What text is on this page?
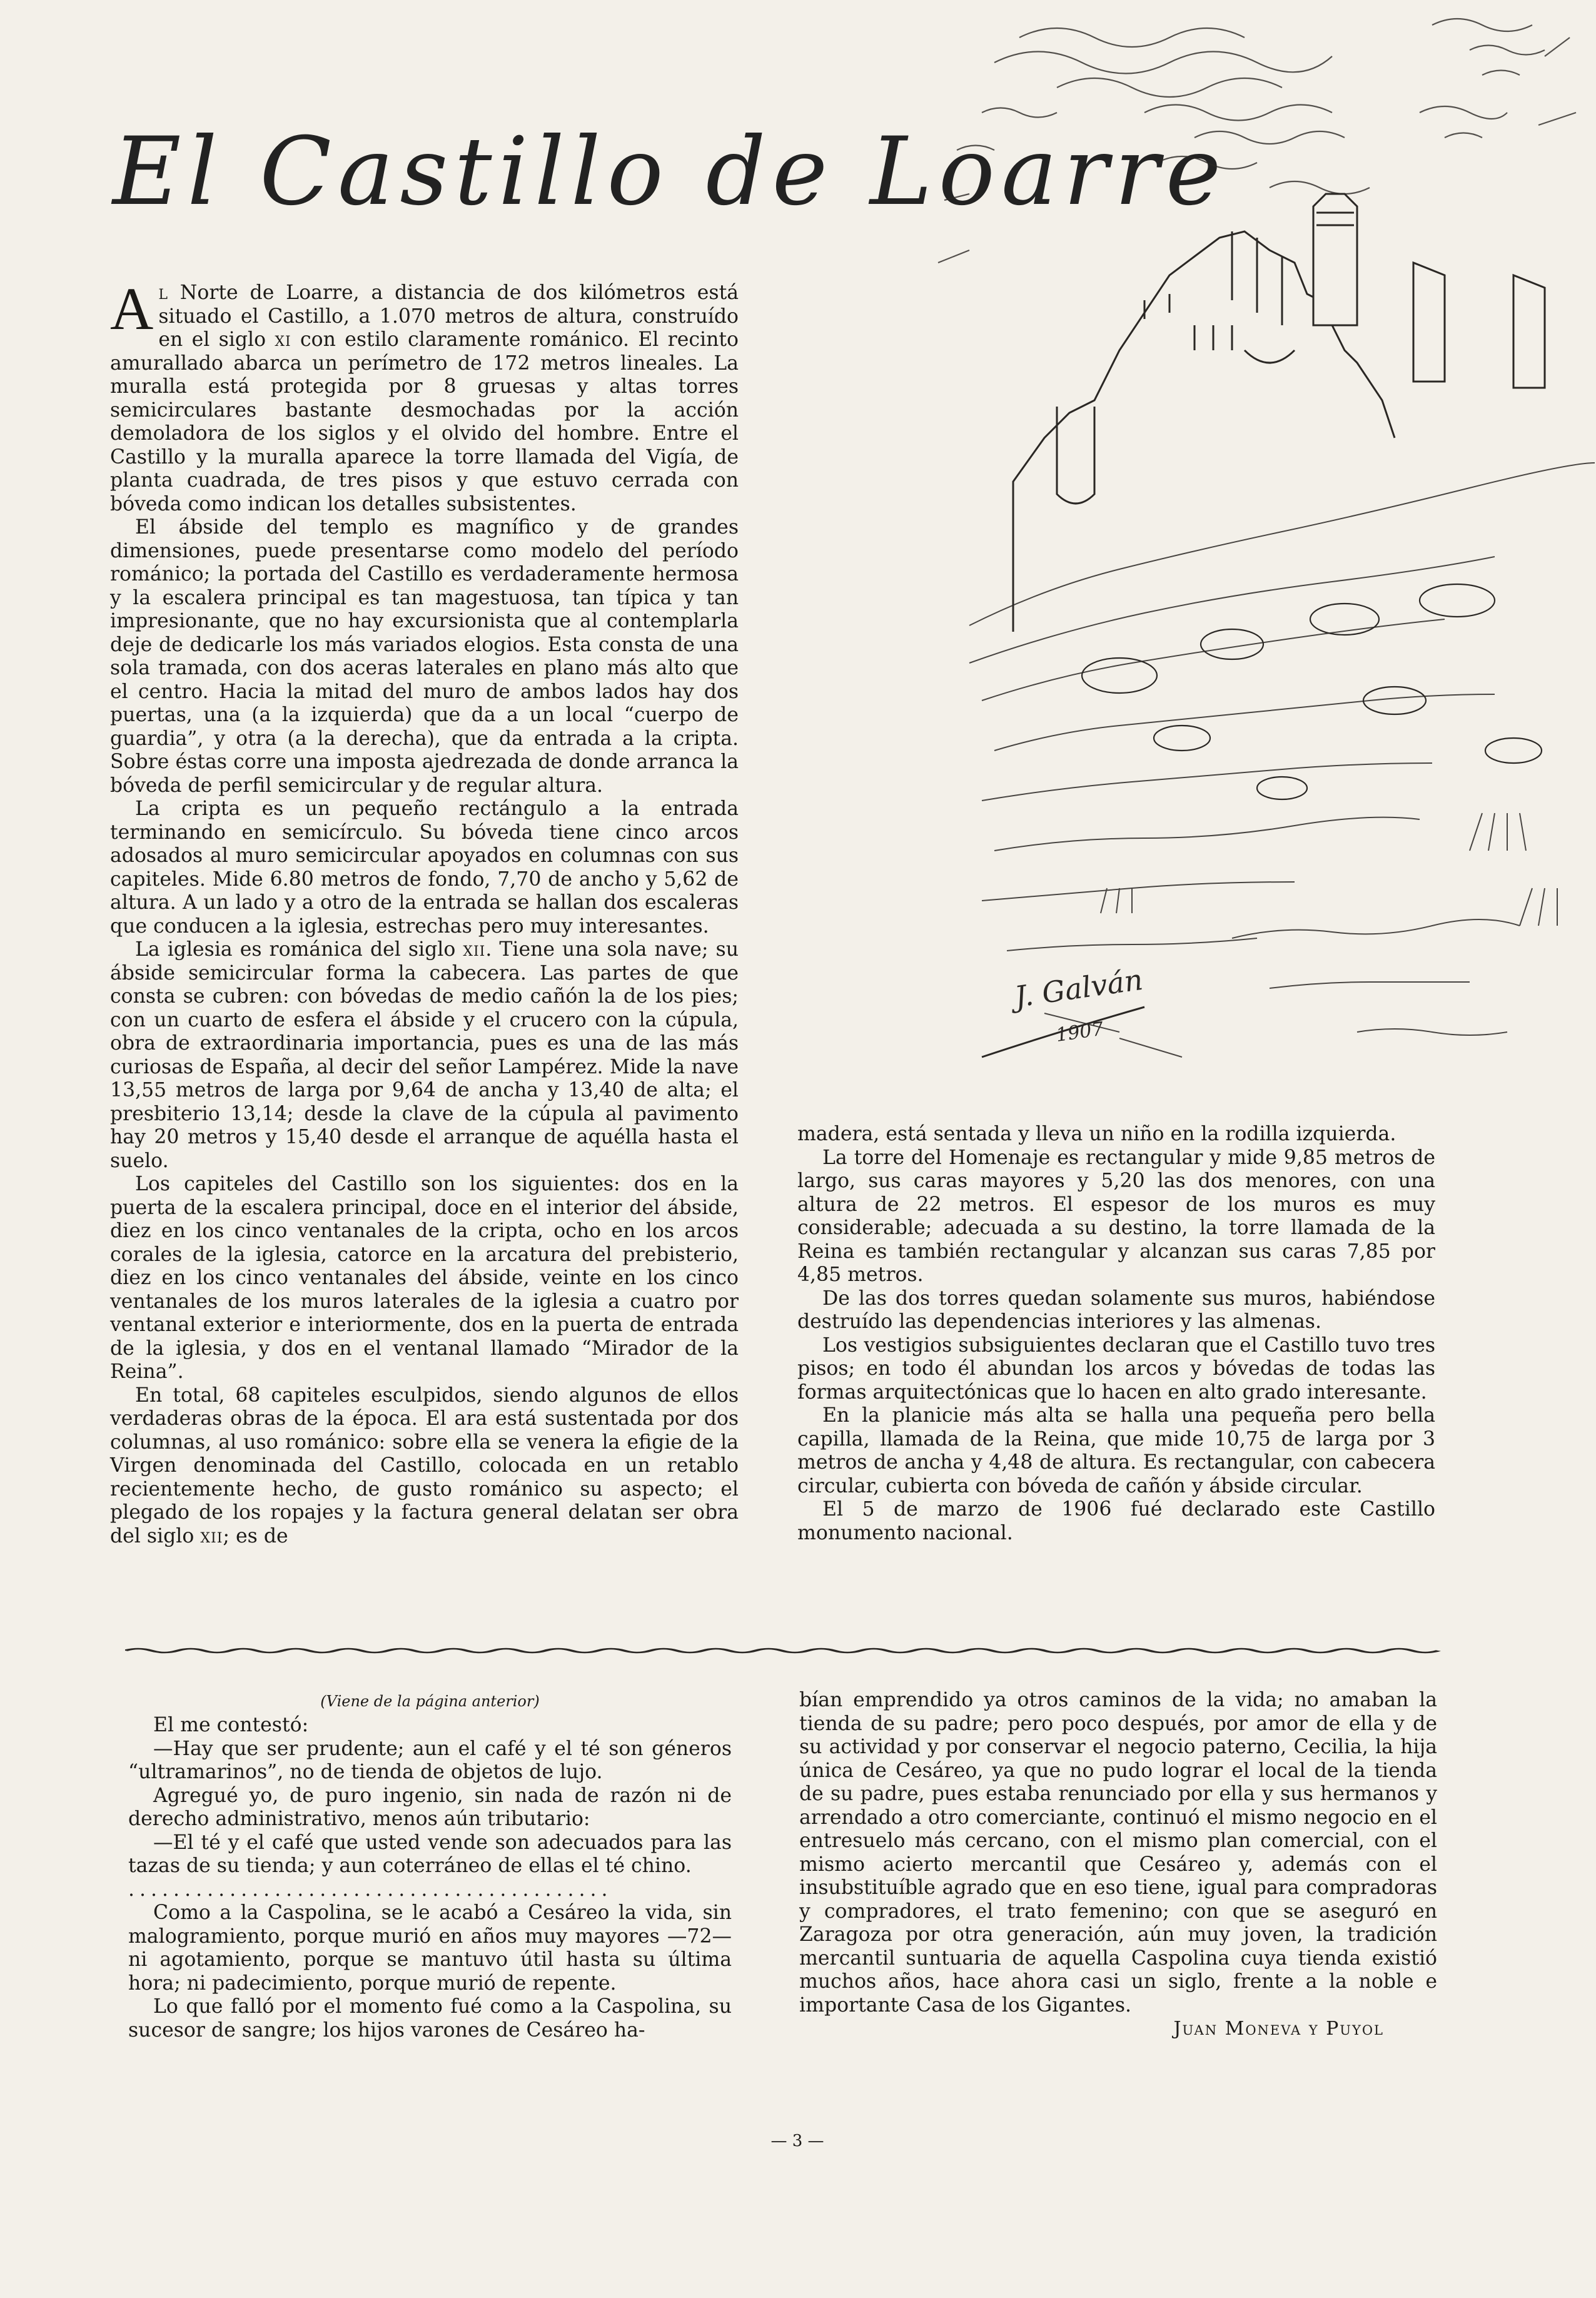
El Castillo de Loarre

Al Norte de Loarre, a distancia de dos kilómetros está situado el Castillo, a 1.070 metros de altura, construído en el siglo xi con estilo claramente románico. El recinto amurallado abarca un perímetro de 172 metros lineales. La muralla está protegida por 8 gruesas y altas torres semicirculares bastante desmochadas por la acción demoladora de los siglos y el olvido del hombre. Entre el Castillo y la muralla aparece la torre llamada del Vigía, de planta cuadrada, de tres pisos y que estuvo cerrada con bóveda como indican los detalles subsistentes.

El ábside del templo es magnífico y de grandes dimensiones, puede presentarse como modelo del período románico; la portada del Castillo es verdaderamente hermosa y la escalera principal es tan magestuosa, tan típica y tan impresionante, que no hay excursionista que al contemplarla deje de dedicarle los más variados elogios. Esta consta de una sola tramada, con dos aceras laterales en plano más alto que el centro. Hacia la mitad del muro de ambos lados hay dos puertas, una (a la izquierda) que da a un local “cuerpo de guardia”, y otra (a la derecha), que da entrada a la cripta. Sobre éstas corre una imposta ajedrezada de donde arranca la bóveda de perfil semicircular y de regular altura.

La cripta es un pequeño rectángulo a la entrada terminando en semicírculo. Su bóveda tiene cinco arcos adosados al muro semicircular apoyados en columnas con sus capiteles. Mide 6.80 metros de fondo, 7,70 de ancho y 5,62 de altura. A un lado y a otro de la entrada se hallan dos escaleras que conducen a la iglesia, estrechas pero muy interesantes.

La iglesia es románica del siglo xii. Tiene una sola nave; su ábside semicircular forma la cabecera. Las partes de que consta se cubren: con bóvedas de medio cañón la de los pies; con un cuarto de esfera el ábside y el crucero con la cúpula, obra de extraordinaria importancia, pues es una de las más curiosas de España, al decir del señor Lampérez. Mide la nave 13,55 metros de larga por 9,64 de ancha y 13,40 de alta; el presbiterio 13,14; desde la clave de la cúpula al pavimento hay 20 metros y 15,40 desde el arranque de aquélla hasta el suelo.

Los capiteles del Castillo son los siguientes: dos en la puerta de la escalera principal, doce en el interior del ábside, diez en los cinco ventanales de la cripta, ocho en los arcos corales de la iglesia, catorce en la arcatura del prebisterio, diez en los cinco ventanales del ábside, veinte en los cinco ventanales de los muros laterales de la iglesia a cuatro por ventanal exterior e interiormente, dos en la puerta de entrada de la iglesia, y dos en el ventanal llamado “Mirador de la Reina”.

En total, 68 capiteles esculpidos, siendo algunos de ellos verdaderas obras de la época. El ara está sustentada por dos columnas, al uso románico: sobre ella se venera la efigie de la Virgen denominada del Castillo, colocada en un retablo recientemente hecho, de gusto románico su aspecto; el plegado de los ropajes y la factura general delatan ser obra del siglo xii; es de

J. Galván
1907

madera, está sentada y lleva un niño en la rodilla izquierda.

La torre del Homenaje es rectangular y mide 9,85 metros de largo, sus caras mayores y 5,20 las dos menores, con una altura de 22 metros. El espesor de los muros es muy considerable; adecuada a su destino, la torre llamada de la Reina es también rectangular y alcanzan sus caras 7,85 por 4,85 metros.

De las dos torres quedan solamente sus muros, habiéndose destruído las dependencias interiores y las almenas.

Los vestigios subsiguientes declaran que el Castillo tuvo tres pisos; en todo él abundan los arcos y bóvedas de todas las formas arquitectónicas que lo hacen en alto grado interesante.

En la planicie más alta se halla una pequeña pero bella capilla, llamada de la Reina, que mide 10,75 de larga por 3 metros de ancha y 4,48 de altura. Es rectangular, con cabecera circular, cubierta con bóveda de cañón y ábside circular.

El 5 de marzo de 1906 fué declarado este Castillo monumento nacional.

(Viene de la página anterior)

El me contestó:

—Hay que ser prudente; aun el café y el té son géneros “ultramarinos”, no de tienda de objetos de lujo.

Agregué yo, de puro ingenio, sin nada de razón ni de derecho administrativo, menos aún tributario:

—El té y el café que usted vende son adecuados para las tazas de su tienda; y aun coterráneo de ellas el té chino.

...........................................

Como a la Caspolina, se le acabó a Cesáreo la vida, sin malogramiento, porque murió en años muy mayores —72— ni agotamiento, porque se mantuvo útil hasta su última hora; ni padecimiento, porque murió de repente.

Lo que falló por el momento fué como a la Caspolina, su sucesor de sangre; los hijos varones de Cesáreo ha-

bían emprendido ya otros caminos de la vida; no amaban la tienda de su padre; pero poco después, por amor de ella y de su actividad y por conservar el negocio paterno, Cecilia, la hija única de Cesáreo, ya que no pudo lograr el local de la tienda de su padre, pues estaba renunciado por ella y sus hermanos y arrendado a otro comerciante, continuó el mismo negocio en el entresuelo más cercano, con el mismo plan comercial, con el mismo acierto mercantil que Cesáreo y, además con el insubstituíble agrado que en eso tiene, igual para compradoras y compradores, el trato femenino; con que se aseguró en Zaragoza por otra generación, aún muy joven, la tradición mercantil suntuaria de aquella Caspolina cuya tienda existió muchos años, hace ahora casi un siglo, frente a la noble e importante Casa de los Gigantes.

Juan Moneva y Puyol

— 3 —
